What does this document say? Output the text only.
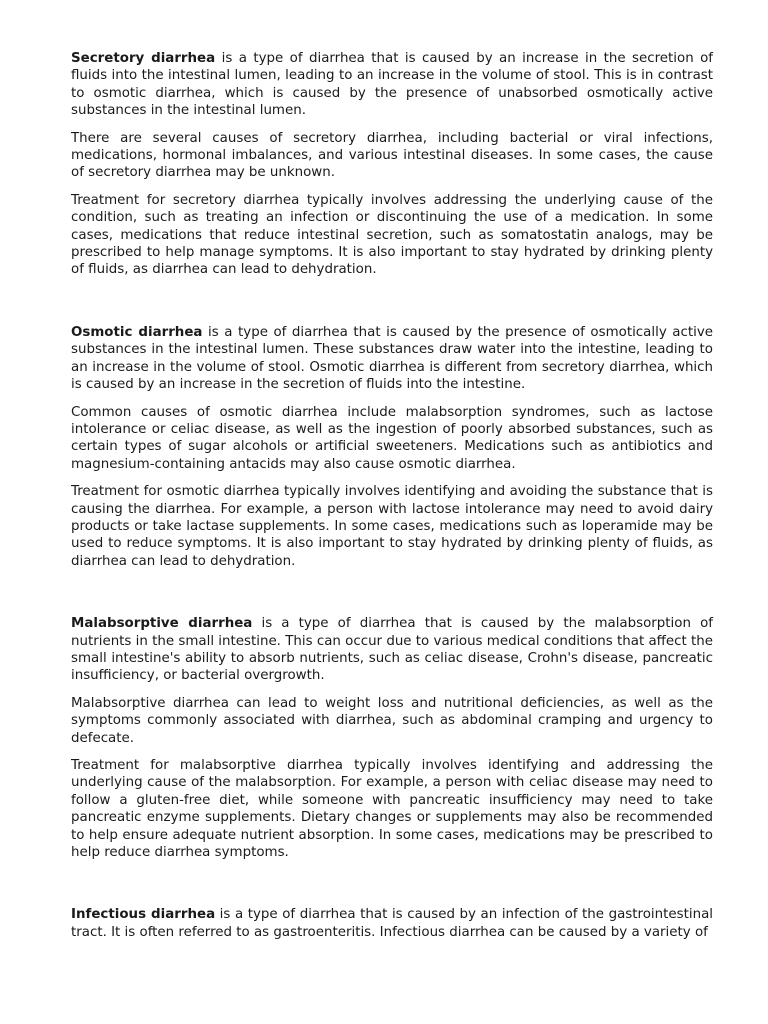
Secretory diarrhea is a type of diarrhea that is caused by an increase in the secretion of fluids into the intestinal lumen, leading to an increase in the volume of stool. This is in contrast to osmotic diarrhea, which is caused by the presence of unabsorbed osmotically active substances in the intestinal lumen.

There are several causes of secretory diarrhea, including bacterial or viral infections, medications, hormonal imbalances, and various intestinal diseases. In some cases, the cause of secretory diarrhea may be unknown.

Treatment for secretory diarrhea typically involves addressing the underlying cause of the condition, such as treating an infection or discontinuing the use of a medication. In some cases, medications that reduce intestinal secretion, such as somatostatin analogs, may be prescribed to help manage symptoms. It is also important to stay hydrated by drinking plenty of fluids, as diarrhea can lead to dehydration.

Osmotic diarrhea is a type of diarrhea that is caused by the presence of osmotically active substances in the intestinal lumen. These substances draw water into the intestine, leading to an increase in the volume of stool. Osmotic diarrhea is different from secretory diarrhea, which is caused by an increase in the secretion of fluids into the intestine.

Common causes of osmotic diarrhea include malabsorption syndromes, such as lactose intolerance or celiac disease, as well as the ingestion of poorly absorbed substances, such as certain types of sugar alcohols or artificial sweeteners. Medications such as antibiotics and magnesium-containing antacids may also cause osmotic diarrhea.

Treatment for osmotic diarrhea typically involves identifying and avoiding the substance that is causing the diarrhea. For example, a person with lactose intolerance may need to avoid dairy products or take lactase supplements. In some cases, medications such as loperamide may be used to reduce symptoms. It is also important to stay hydrated by drinking plenty of fluids, as diarrhea can lead to dehydration.

Malabsorptive diarrhea is a type of diarrhea that is caused by the malabsorption of nutrients in the small intestine. This can occur due to various medical conditions that affect the small intestine's ability to absorb nutrients, such as celiac disease, Crohn's disease, pancreatic insufficiency, or bacterial overgrowth.

Malabsorptive diarrhea can lead to weight loss and nutritional deficiencies, as well as the symptoms commonly associated with diarrhea, such as abdominal cramping and urgency to defecate.

Treatment for malabsorptive diarrhea typically involves identifying and addressing the underlying cause of the malabsorption. For example, a person with celiac disease may need to follow a gluten-free diet, while someone with pancreatic insufficiency may need to take pancreatic enzyme supplements. Dietary changes or supplements may also be recommended to help ensure adequate nutrient absorption. In some cases, medications may be prescribed to help reduce diarrhea symptoms.

Infectious diarrhea is a type of diarrhea that is caused by an infection of the gastrointestinal tract. It is often referred to as gastroenteritis. Infectious diarrhea can be caused by a variety of
